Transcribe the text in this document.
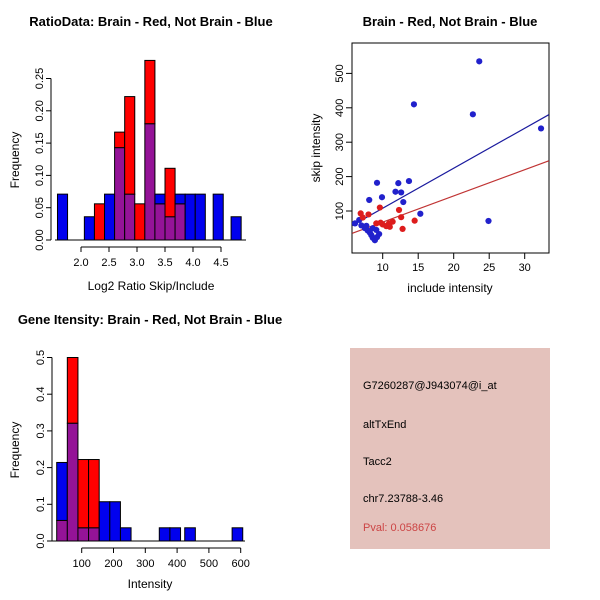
RatioData: Brain - Red, Not Brain - Blue
Frequency
Log2 Ratio Skip/Include
0.00
0.05
0.10
0.15
0.20
0.25
2.0 2.5 3.0 3.5 4.0 4.5
Brain - Red, Not Brain - Blue
skip intensity
include intensity
100
200
300
400
500
10 15 20 25 30
Gene Itensity: Brain - Red, Not Brain - Blue
Frequency
Intensity
0.0
0.1
0.2
0.3
0.4
0.5
100 200 300 400 500 600
G7260287@J943074@i_at
altTxEnd
Tacc2
chr7.23788-3.46
Pval: 0.058676
